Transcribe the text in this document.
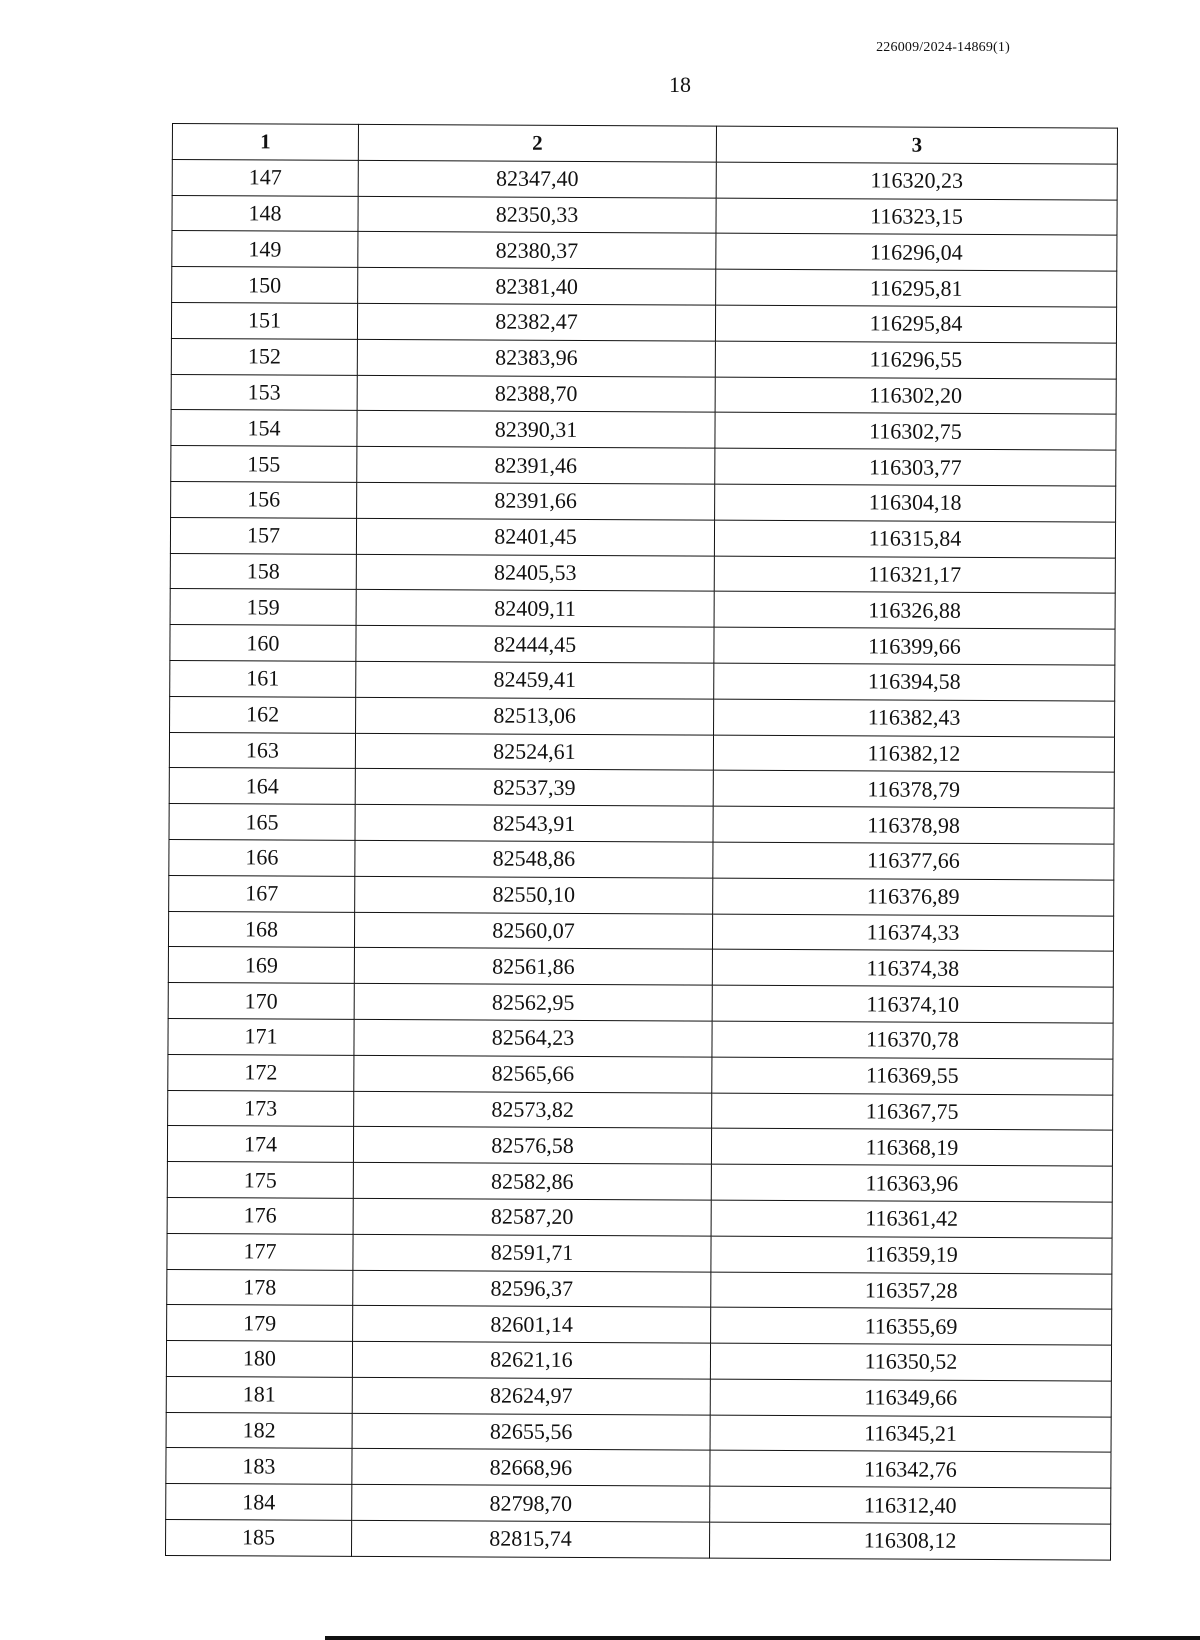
226009/2024-14869(1)
18
1	2	3
147	82347,40	116320,23
148	82350,33	116323,15
149	82380,37	116296,04
150	82381,40	116295,81
151	82382,47	116295,84
152	82383,96	116296,55
153	82388,70	116302,20
154	82390,31	116302,75
155	82391,46	116303,77
156	82391,66	116304,18
157	82401,45	116315,84
158	82405,53	116321,17
159	82409,11	116326,88
160	82444,45	116399,66
161	82459,41	116394,58
162	82513,06	116382,43
163	82524,61	116382,12
164	82537,39	116378,79
165	82543,91	116378,98
166	82548,86	116377,66
167	82550,10	116376,89
168	82560,07	116374,33
169	82561,86	116374,38
170	82562,95	116374,10
171	82564,23	116370,78
172	82565,66	116369,55
173	82573,82	116367,75
174	82576,58	116368,19
175	82582,86	116363,96
176	82587,20	116361,42
177	82591,71	116359,19
178	82596,37	116357,28
179	82601,14	116355,69
180	82621,16	116350,52
181	82624,97	116349,66
182	82655,56	116345,21
183	82668,96	116342,76
184	82798,70	116312,40
185	82815,74	116308,12
